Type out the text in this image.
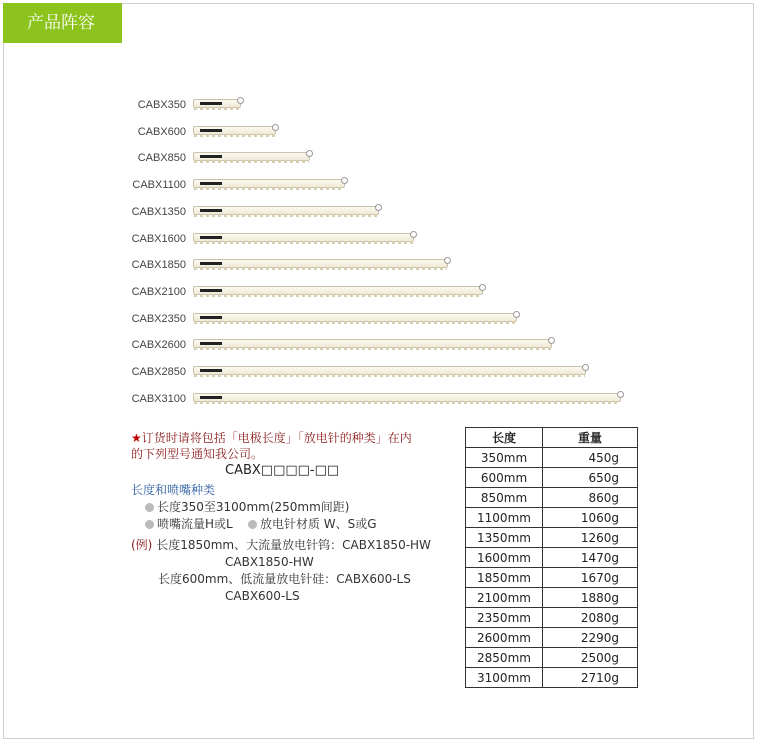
产品阵容
CABX350
CABX600
CABX850
CABX1100
CABX1350
CABX1600
CABX1850
CABX2100
CABX2350
CABX2600
CABX2850
CABX3100
★订货时请将包括「电极长度」「放电针的种类」在内
的下列型号通知我公司。
CABX□□□□-□□
长度和喷嘴种类
长度350至3100mm(250mm间距)
喷嘴流量H或L 放电针材质 W、S或G
(例) 长度1850mm、大流量放电针钨：CABX1850-HW
CABX1850-HW
长度600mm、低流量放电针硅：CABX600-LS
CABX600-LS
长度	重量
350mm	450g
600mm	650g
850mm	860g
1100mm	1060g
1350mm	1260g
1600mm	1470g
1850mm	1670g
2100mm	1880g
2350mm	2080g
2600mm	2290g
2850mm	2500g
3100mm	2710g
